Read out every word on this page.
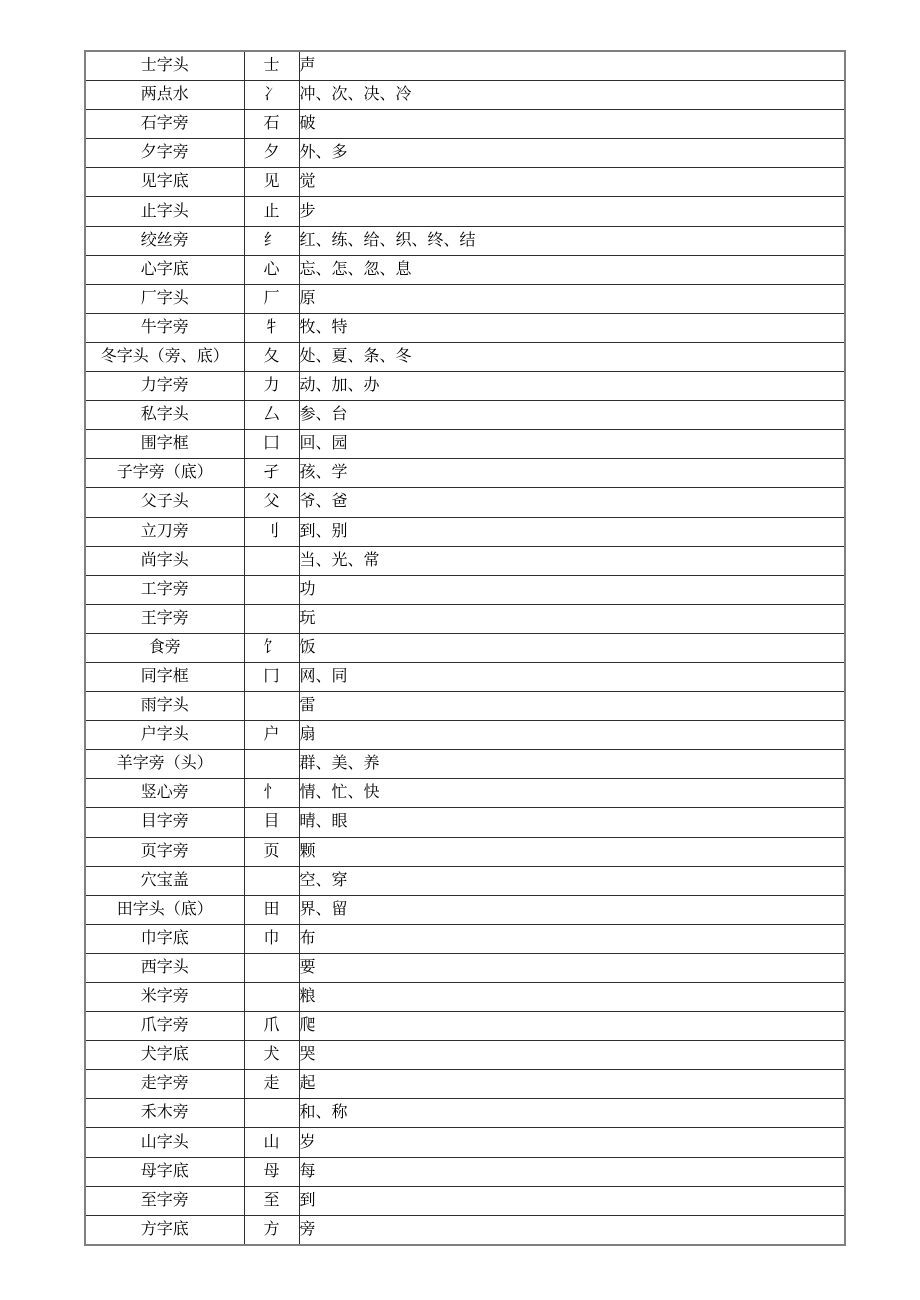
士字头	士	声
两点水	冫	冲、次、决、冷
石字旁	石	破
夕字旁	夕	外、多
见字底	见	觉
止字头	止	步
绞丝旁	纟	红、练、给、织、终、结
心字底	心	忘、怎、忽、息
厂字头	厂	原
牛字旁	牜	牧、特
冬字头（旁、底）	夂	处、夏、条、冬
力字旁	力	动、加、办
私字头	厶	参、台
围字框	囗	回、园
子字旁（底）	孑	孩、学
父子头	父	爷、爸
立刀旁	刂	到、别
尚字头		当、光、常
工字旁		功
王字旁		玩
食旁	饣	饭
同字框	冂	网、同
雨字头		雷
户字头	户	扇
羊字旁（头）		群、美、养
竖心旁	忄	情、忙、快
目字旁	目	晴、眼
页字旁	页	颗
穴宝盖		空、穿
田字头（底）	田	界、留
巾字底	巾	布
西字头		要
米字旁		粮
爪字旁	爪	爬
犬字底	犬	哭
走字旁	走	起
禾木旁		和、称
山字头	山	岁
母字底	母	每
至字旁	至	到
方字底	方	旁
